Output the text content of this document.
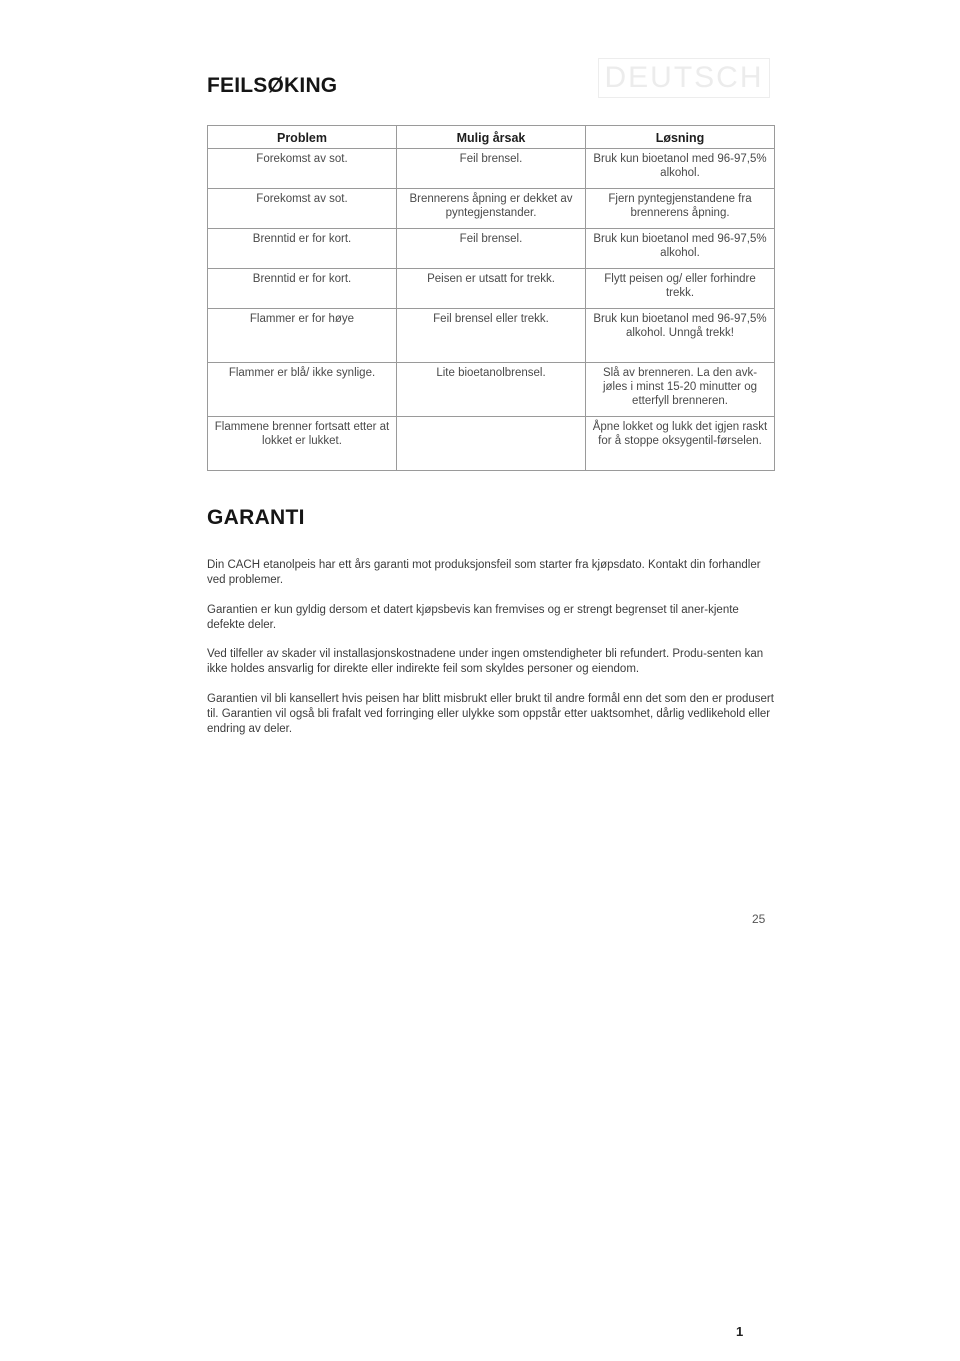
DEUTSCH
FEILSØKING
Problem	Mulig årsak	Løsning
Forekomst av sot.	Feil brensel.	Bruk kun bioetanol med 96-97,5% alkohol.
Forekomst av sot.	Brennerens åpning er dekket av pyntegjenstander.	Fjern pyntegjenstandene fra brennerens åpning.
Brenntid er for kort.	Feil brensel.	Bruk kun bioetanol med 96-97,5% alkohol.
Brenntid er for kort.	Peisen er utsatt for trekk.	Flytt peisen og/ eller forhindre trekk.
Flammer er for høye	Feil brensel eller trekk.	Bruk kun bioetanol med 96-97,5% alkohol. Unngå trekk!
Flammer er blå/ ikke synlige.	Lite bioetanolbrensel.	Slå av brenneren. La den avk-jøles i minst 15-20 minutter og etterfyll brenneren.
Flammene brenner fortsatt etter at lokket er lukket.		Åpne lokket og lukk det igjen raskt for å stoppe oksygentil-førselen.
GARANTI

Din CACH etanolpeis har ett års garanti mot produksjonsfeil som starter fra kjøpsdato. Kontakt din forhandler ved problemer.

Garantien er kun gyldig dersom et datert kjøpsbevis kan fremvises og er strengt begrenset til aner-kjente defekte deler.

Ved tilfeller av skader vil installasjonskostnadene under ingen omstendigheter bli refundert. Produ-senten kan ikke holdes ansvarlig for direkte eller indirekte feil som skyldes personer og eiendom.

Garantien vil bli kansellert hvis peisen har blitt misbrukt eller brukt til andre formål enn det som den er produsert til. Garantien vil også bli frafalt ved forringing eller ulykke som oppstår etter uaktsomhet, dårlig vedlikehold eller endring av deler.

25
1
